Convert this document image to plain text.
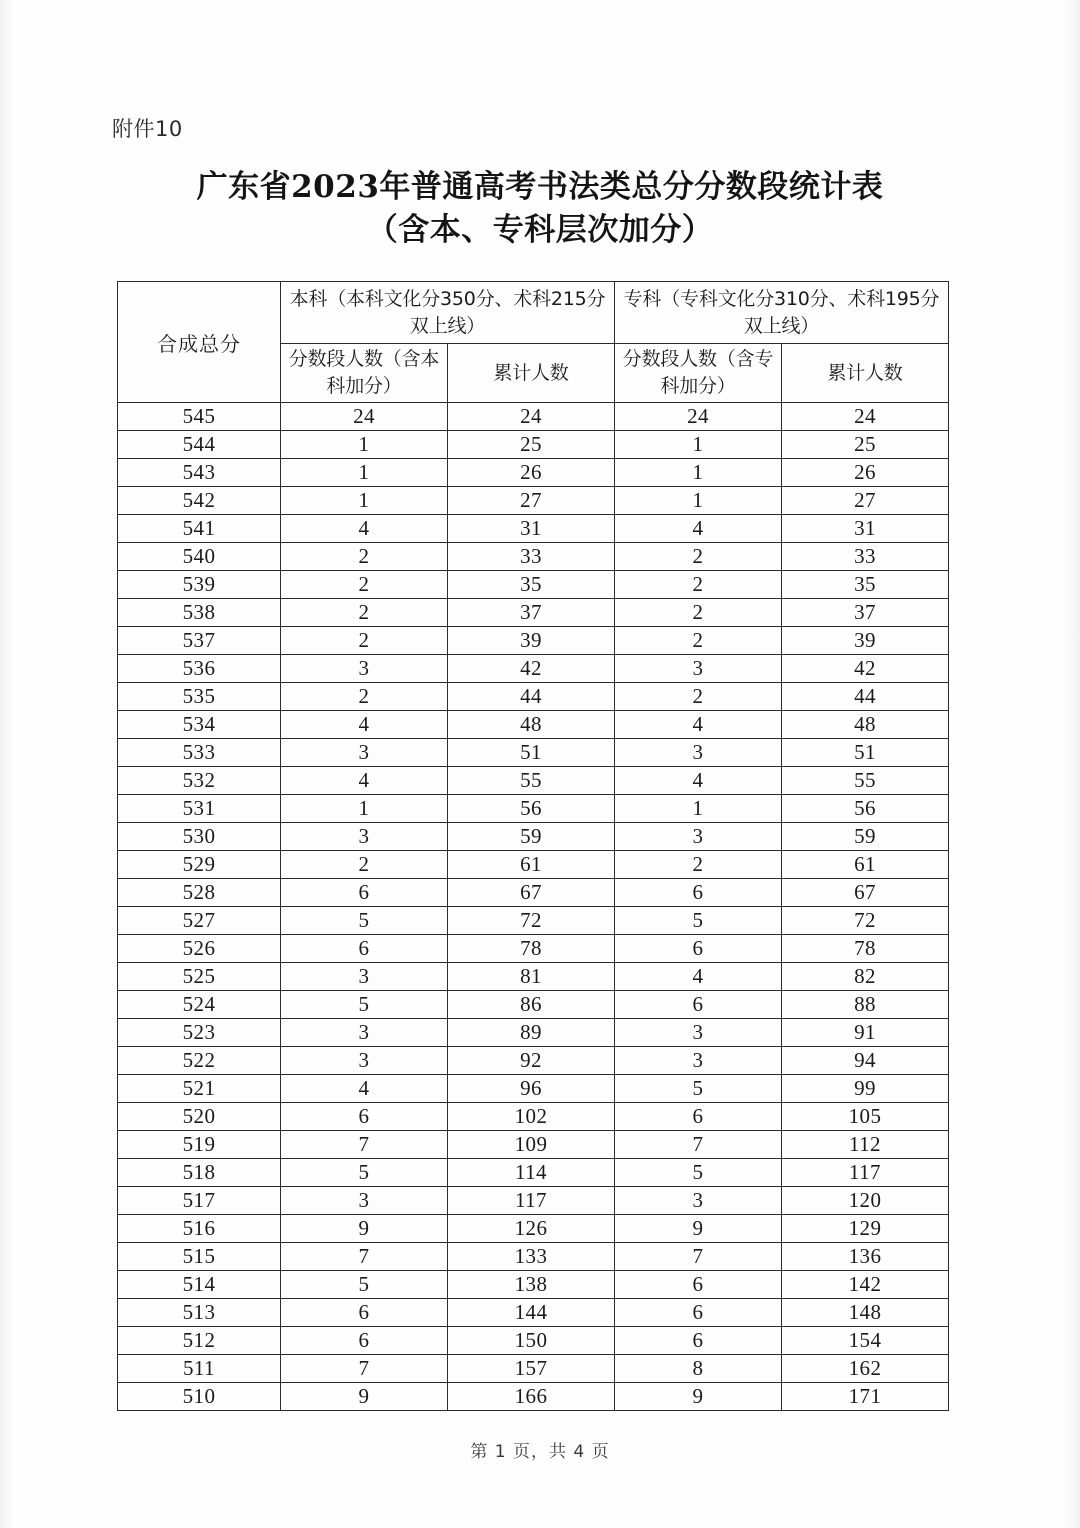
附件10
广东省2023年普通高考书法类总分分数段统计表
（含本、专科层次加分）
合成总分	本科（本科文化分350分、术科215分双上线）		专科（专科文化分310分、术科195分双上线）	
	分数段人数（含本科加分）	累计人数	分数段人数（含专科加分）	累计人数
545	24	24	24	24
544	1	25	1	25
543	1	26	1	26
542	1	27	1	27
541	4	31	4	31
540	2	33	2	33
539	2	35	2	35
538	2	37	2	37
537	2	39	2	39
536	3	42	3	42
535	2	44	2	44
534	4	48	4	48
533	3	51	3	51
532	4	55	4	55
531	1	56	1	56
530	3	59	3	59
529	2	61	2	61
528	6	67	6	67
527	5	72	5	72
526	6	78	6	78
525	3	81	4	82
524	5	86	6	88
523	3	89	3	91
522	3	92	3	94
521	4	96	5	99
520	6	102	6	105
519	7	109	7	112
518	5	114	5	117
517	3	117	3	120
516	9	126	9	129
515	7	133	7	136
514	5	138	6	142
513	6	144	6	148
512	6	150	6	154
511	7	157	8	162
510	9	166	9	171
第 1 页，共 4 页
